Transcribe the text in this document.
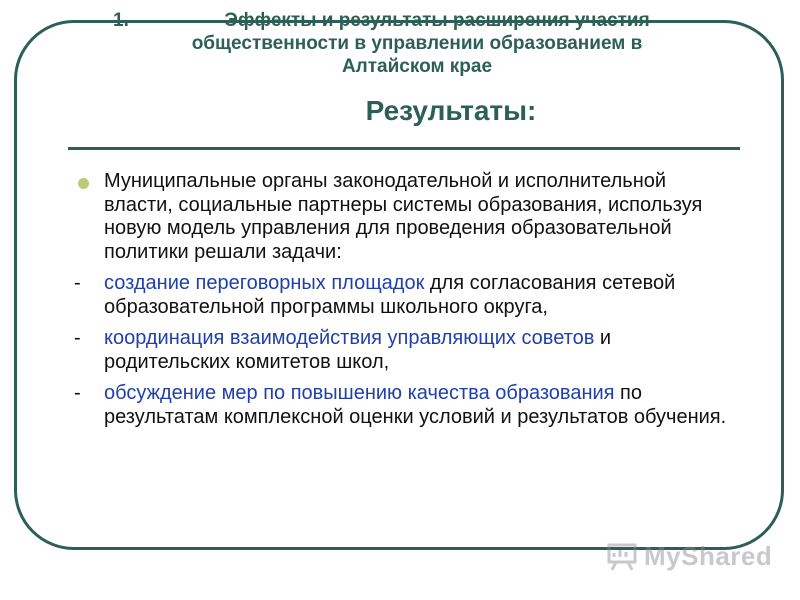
1.	Эффекты и результаты расширения участия
общественности в управлении образованием в
Алтайском крае
Результаты:
Муниципальные органы законодательной и исполнительной власти, социальные партнеры системы образования, используя новую модель управления для проведения образовательной политики решали задачи:
- создание переговорных площадок для согласования сетевой образовательной программы школьного округа,
- координация взаимодействия управляющих советов и родительских комитетов школ,
- обсуждение мер по повышению качества образования по результатам комплексной оценки условий и результатов обучения.
MyShared
